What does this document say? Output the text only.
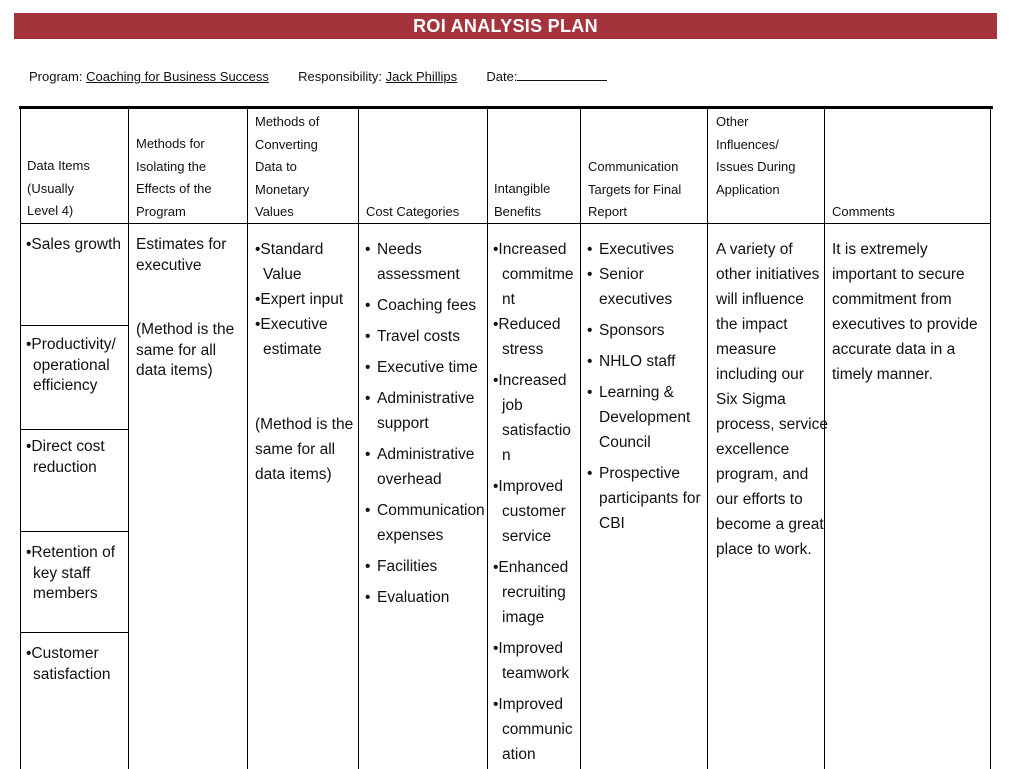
ROI ANALYSIS PLAN
Program: Coaching for Business Success Responsibility: Jack Phillips Date:
Data Items
(Usually
Level 4)
Methods for
Isolating the
Effects of the
Program
Methods of
Converting
Data to
Monetary
Values	Cost Categories
Intangible
Benefits
Communication
Targets for Final
Report
Other
Influences/
Issues During
Application
Comments
•Sales growth
•Productivity/
operational
efficiency
•Direct cost
reduction
•Retention of
key staff
members
•Customer
satisfaction
Estimates for
executive
(Method is the
same for all
data items)
•Standard
Value
•Expert input
•Executive
estimate
(Method is the
same for all
data items)
• Needs
assessment
• Coaching fees
• Travel costs
• Executive time
• Administrative
support
• Administrative
overhead
• Communication
expenses
• Facilities
• Evaluation
•Increased
commitme
nt
•Reduced
stress
•Increased
job
satisfactio
n
•Improved
customer
service
•Enhanced
recruiting
image
•Improved
teamwork
•Improved
communic
ation
• Executives
• Senior
executives
• Sponsors
• NHLO staff
• Learning &
Development
Council
• Prospective
participants for
CBI
A variety of
other initiatives
will influence
the impact
measure
including our
Six Sigma
process, service
excellence
program, and
our efforts to
become a great
place to work.
It is extremely
important to secure
commitment from
executives to provide
accurate data in a
timely manner.
